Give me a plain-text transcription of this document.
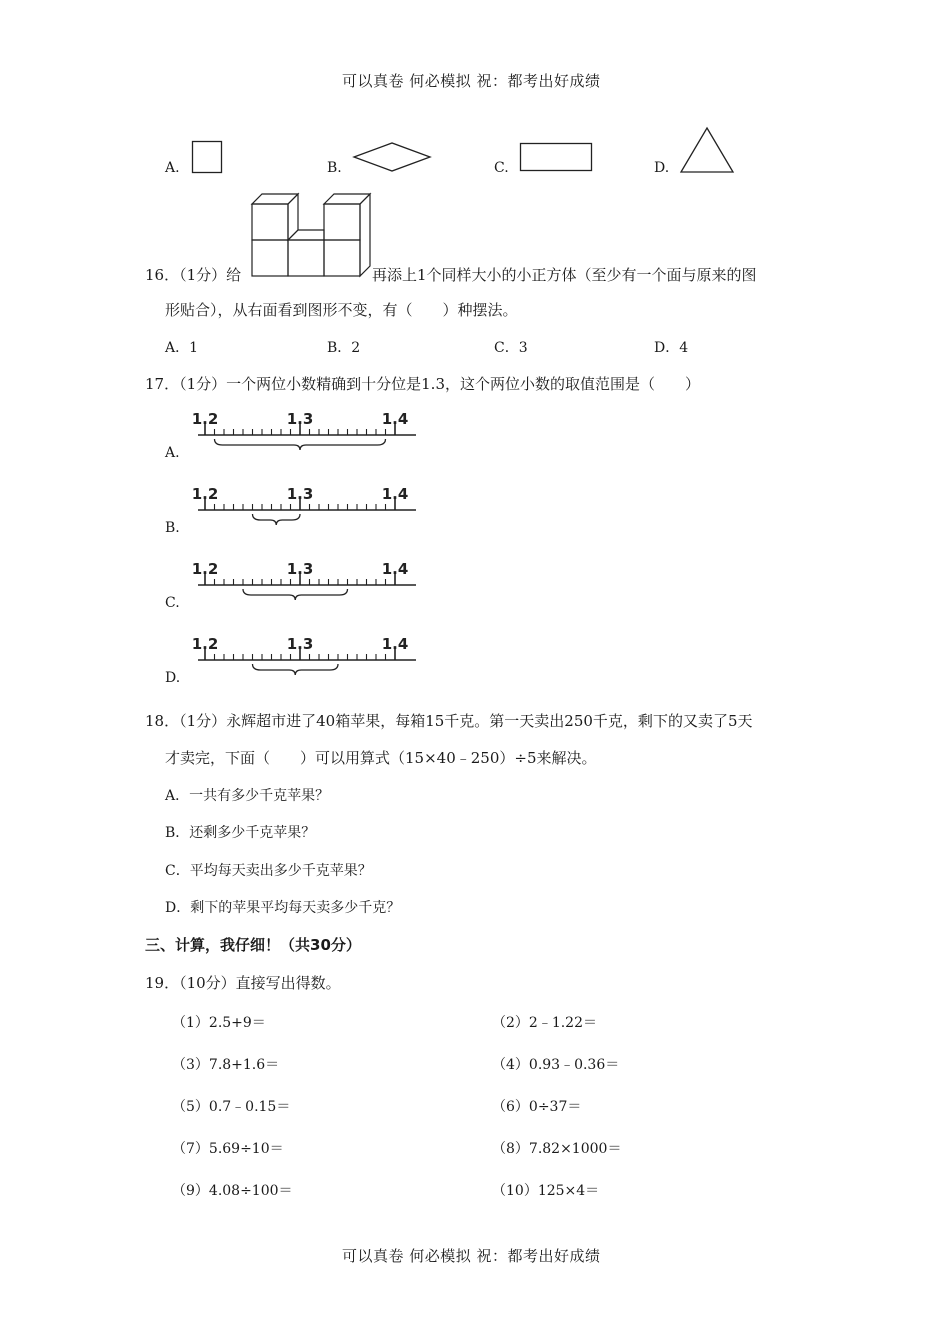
可以真卷 何必模拟 祝：都考出好成绩
A.	B.	C.	D.
16．（1分）给	再添上1个同样大小的小正方体（至少有一个面与原来的图
形贴合），从右面看到图形不变，有（　　）种摆法。
A．1	B．2	C．3	D．4
17．（1分）一个两位小数精确到十分位是1.3，这个两位小数的取值范围是（　　）
A.
1.2	1.3	1.4
B.
1.2	1.3	1.4
C.
1.2	1.3	1.4
D.
1.2	1.3	1.4
18．（1分）永辉超市进了40箱苹果，每箱15千克。第一天卖出250千克，剩下的又卖了5天
才卖完，下面（　　）可以用算式（15×40﹣250）÷5来解决。
A．一共有多少千克苹果？
B．还剩多少千克苹果？
C．平均每天卖出多少千克苹果？
D．剩下的苹果平均每天卖多少千克？
三、计算，我仔细！（共30分）
19．（10分）直接写出得数。
（1）2.5+9＝	（2）2﹣1.22＝
（3）7.8+1.6＝	（4）0.93﹣0.36＝
（5）0.7﹣0.15＝	（6）0÷37＝
（7）5.69÷10＝	（8）7.82×1000＝
（9）4.08÷100＝	（10）125×4＝
可以真卷 何必模拟 祝：都考出好成绩
